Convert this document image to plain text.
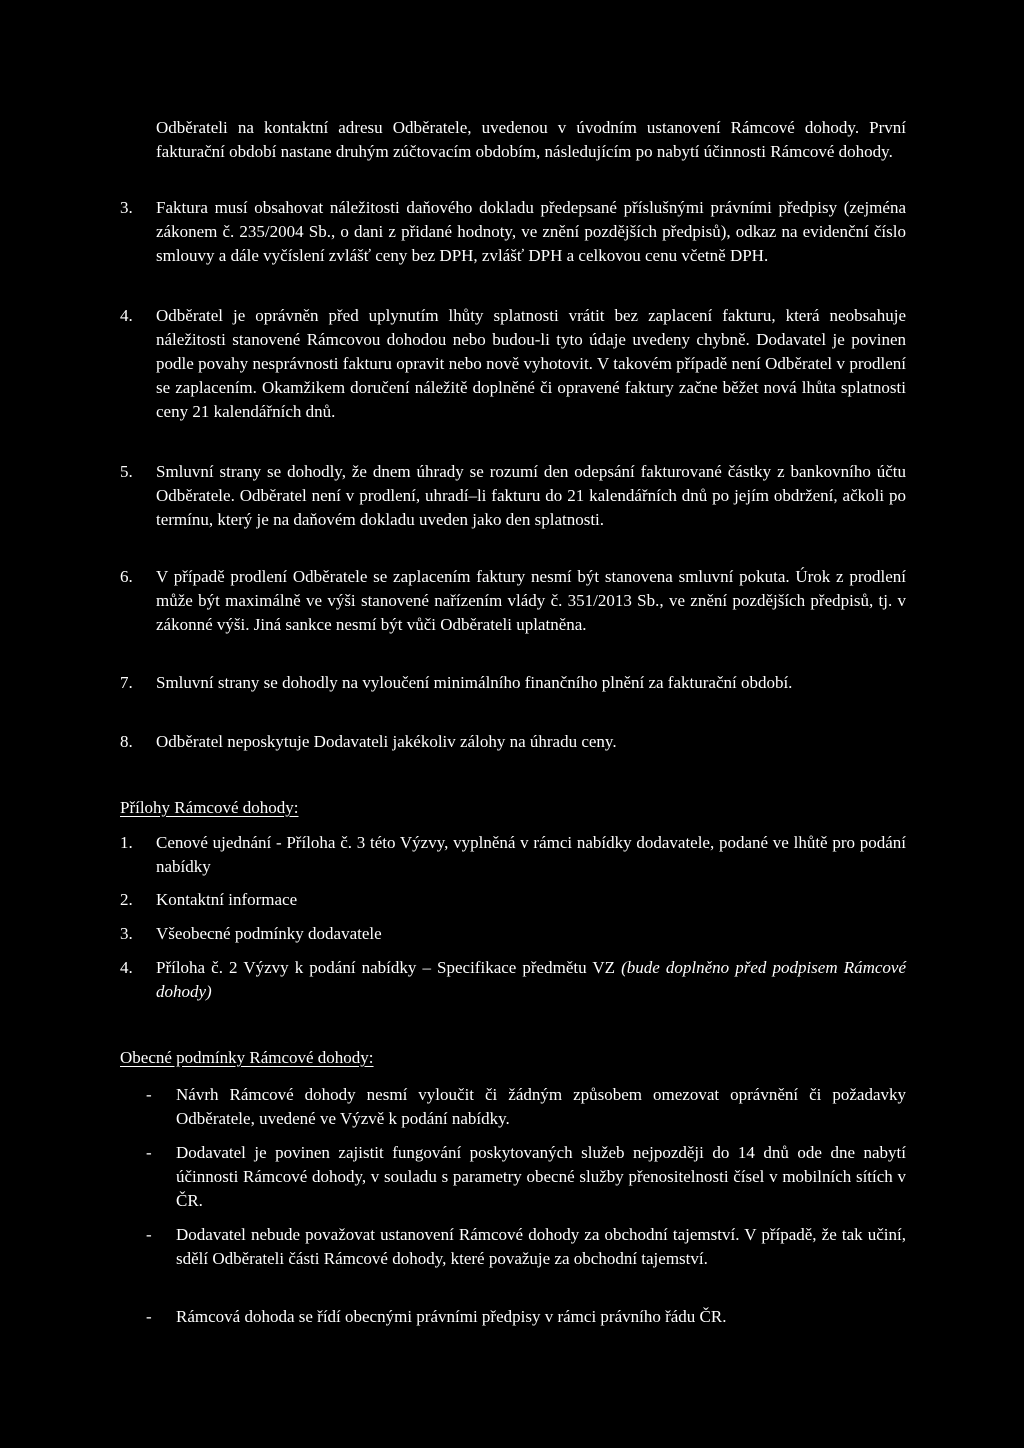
Odběrateli na kontaktní adresu Odběratele, uvedenou v úvodním ustanovení Rámcové dohody. První fakturační období nastane druhým zúčtovacím obdobím, následujícím po nabytí účinnosti Rámcové dohody.

3. Faktura musí obsahovat náležitosti daňového dokladu předepsané příslušnými právními předpisy (zejména zákonem č. 235/2004 Sb., o dani z přidané hodnoty, ve znění pozdějších předpisů), odkaz na evidenční číslo smlouvy a dále vyčíslení zvlášť ceny bez DPH, zvlášť DPH a celkovou cenu včetně DPH.

4. Odběratel je oprávněn před uplynutím lhůty splatnosti vrátit bez zaplacení fakturu, která neobsahuje náležitosti stanovené Rámcovou dohodou nebo budou-li tyto údaje uvedeny chybně. Dodavatel je povinen podle povahy nesprávnosti fakturu opravit nebo nově vyhotovit. V takovém případě není Odběratel v prodlení se zaplacením. Okamžikem doručení náležitě doplněné či opravené faktury začne běžet nová lhůta splatnosti ceny 21 kalendářních dnů.

5. Smluvní strany se dohodly, že dnem úhrady se rozumí den odepsání fakturované částky z bankovního účtu Odběratele. Odběratel není v prodlení, uhradí–li fakturu do 21 kalendářních dnů po jejím obdržení, ačkoli po termínu, který je na daňovém dokladu uveden jako den splatnosti.

6. V případě prodlení Odběratele se zaplacením faktury nesmí být stanovena smluvní pokuta. Úrok z prodlení může být maximálně ve výši stanovené nařízením vlády č. 351/2013 Sb., ve znění pozdějších předpisů, tj. v zákonné výši. Jiná sankce nesmí být vůči Odběrateli uplatněna.

7. Smluvní strany se dohodly na vyloučení minimálního finančního plnění za fakturační období.

8. Odběratel neposkytuje Dodavateli jakékoliv zálohy na úhradu ceny.

Přílohy Rámcové dohody:

1. Cenové ujednání - Příloha č. 3 této Výzvy, vyplněná v rámci nabídky dodavatele, podané ve lhůtě pro podání nabídky

2. Kontaktní informace

3. Všeobecné podmínky dodavatele

4. Příloha č. 2 Výzvy k podání nabídky – Specifikace předmětu VZ (bude doplněno před podpisem Rámcové dohody)

Obecné podmínky Rámcové dohody:

- Návrh Rámcové dohody nesmí vyloučit či žádným způsobem omezovat oprávnění či požadavky Odběratele, uvedené ve Výzvě k podání nabídky.

- Dodavatel je povinen zajistit fungování poskytovaných služeb nejpozději do 14 dnů ode dne nabytí účinnosti Rámcové dohody, v souladu s parametry obecné služby přenositelnosti čísel v mobilních sítích v ČR.

- Dodavatel nebude považovat ustanovení Rámcové dohody za obchodní tajemství. V případě, že tak učiní, sdělí Odběrateli části Rámcové dohody, které považuje za obchodní tajemství.

- Rámcová dohoda se řídí obecnými právními předpisy v rámci právního řádu ČR.
